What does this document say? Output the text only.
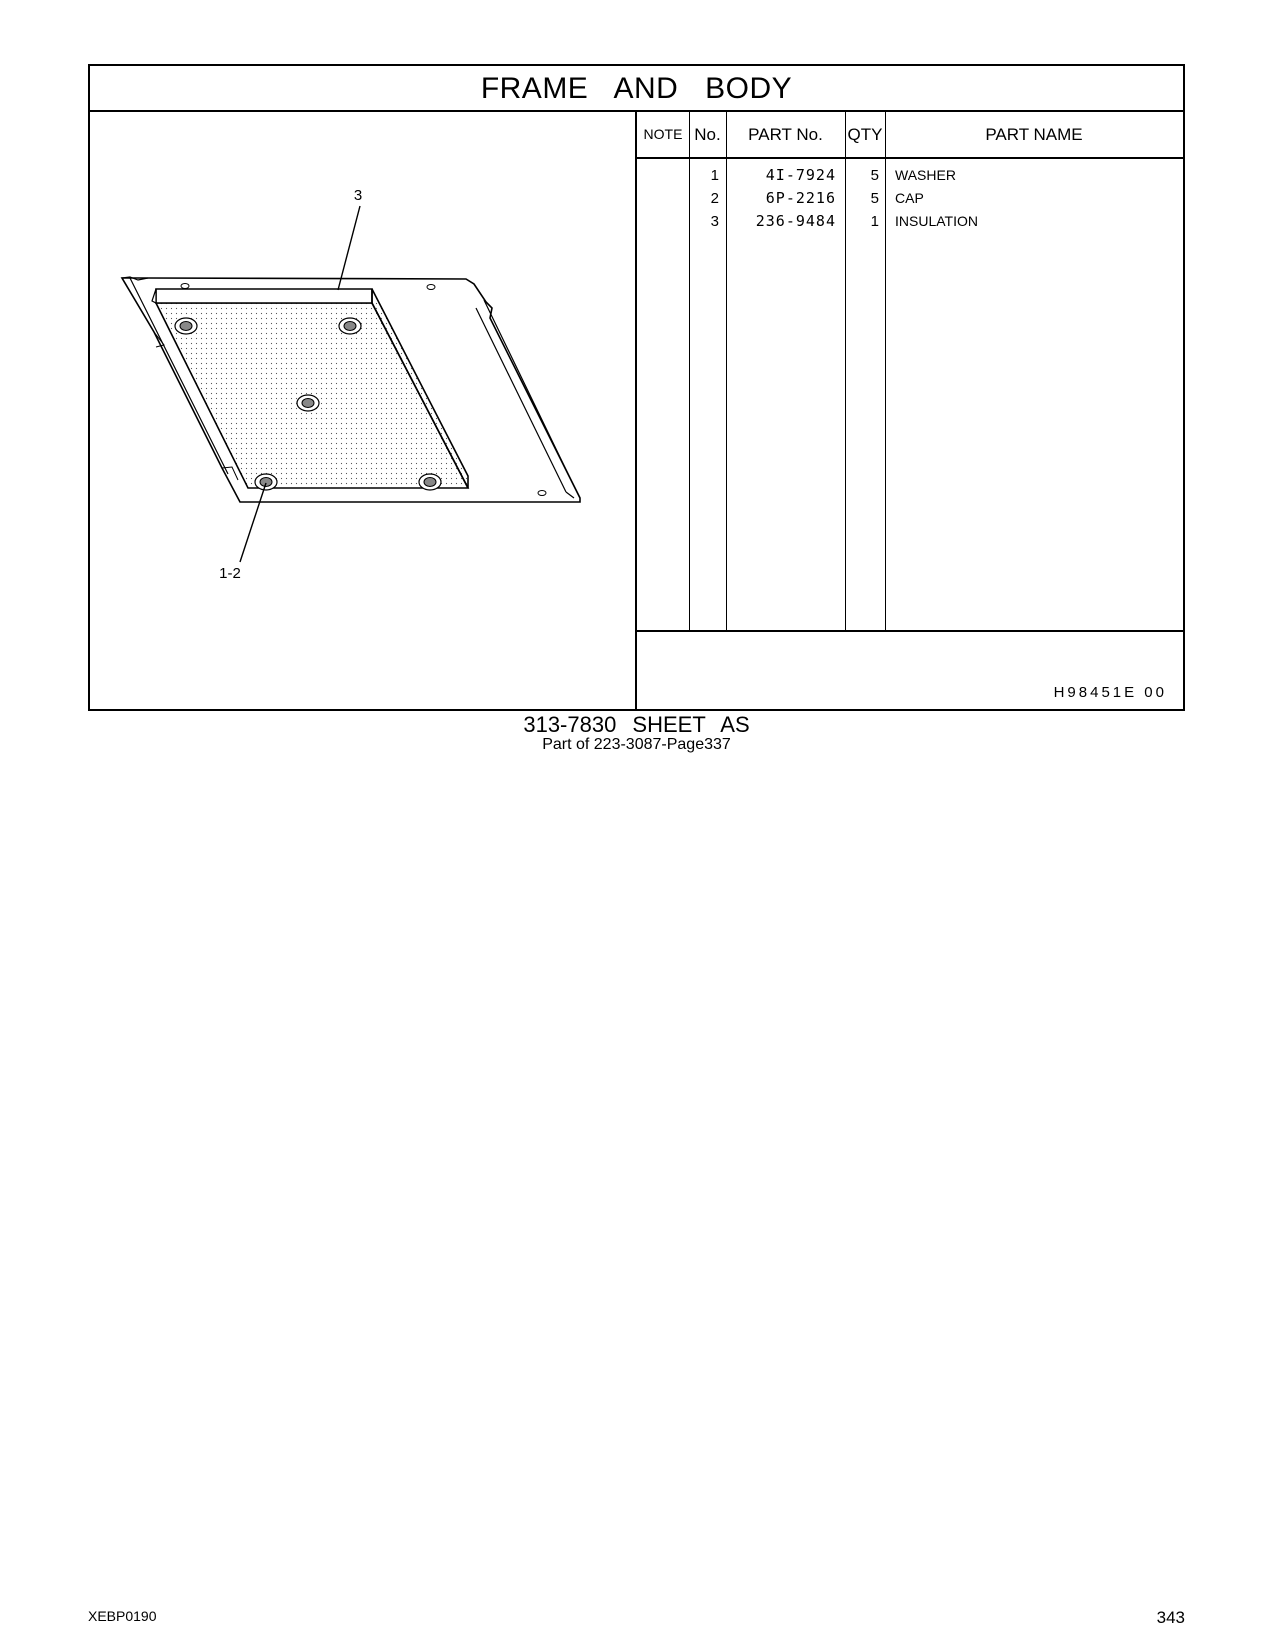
FRAME AND BODY
3
1-2
NOTE No.	PART No.	QTY	PART NAME
1	4I-7924	5 WASHER
2	6P-2216	5 CAP
3	236-9484	1 INSULATION
H98451E 00
313-7830 SHEET AS
Part of 223-3087-Page337
XEBP0190	343
